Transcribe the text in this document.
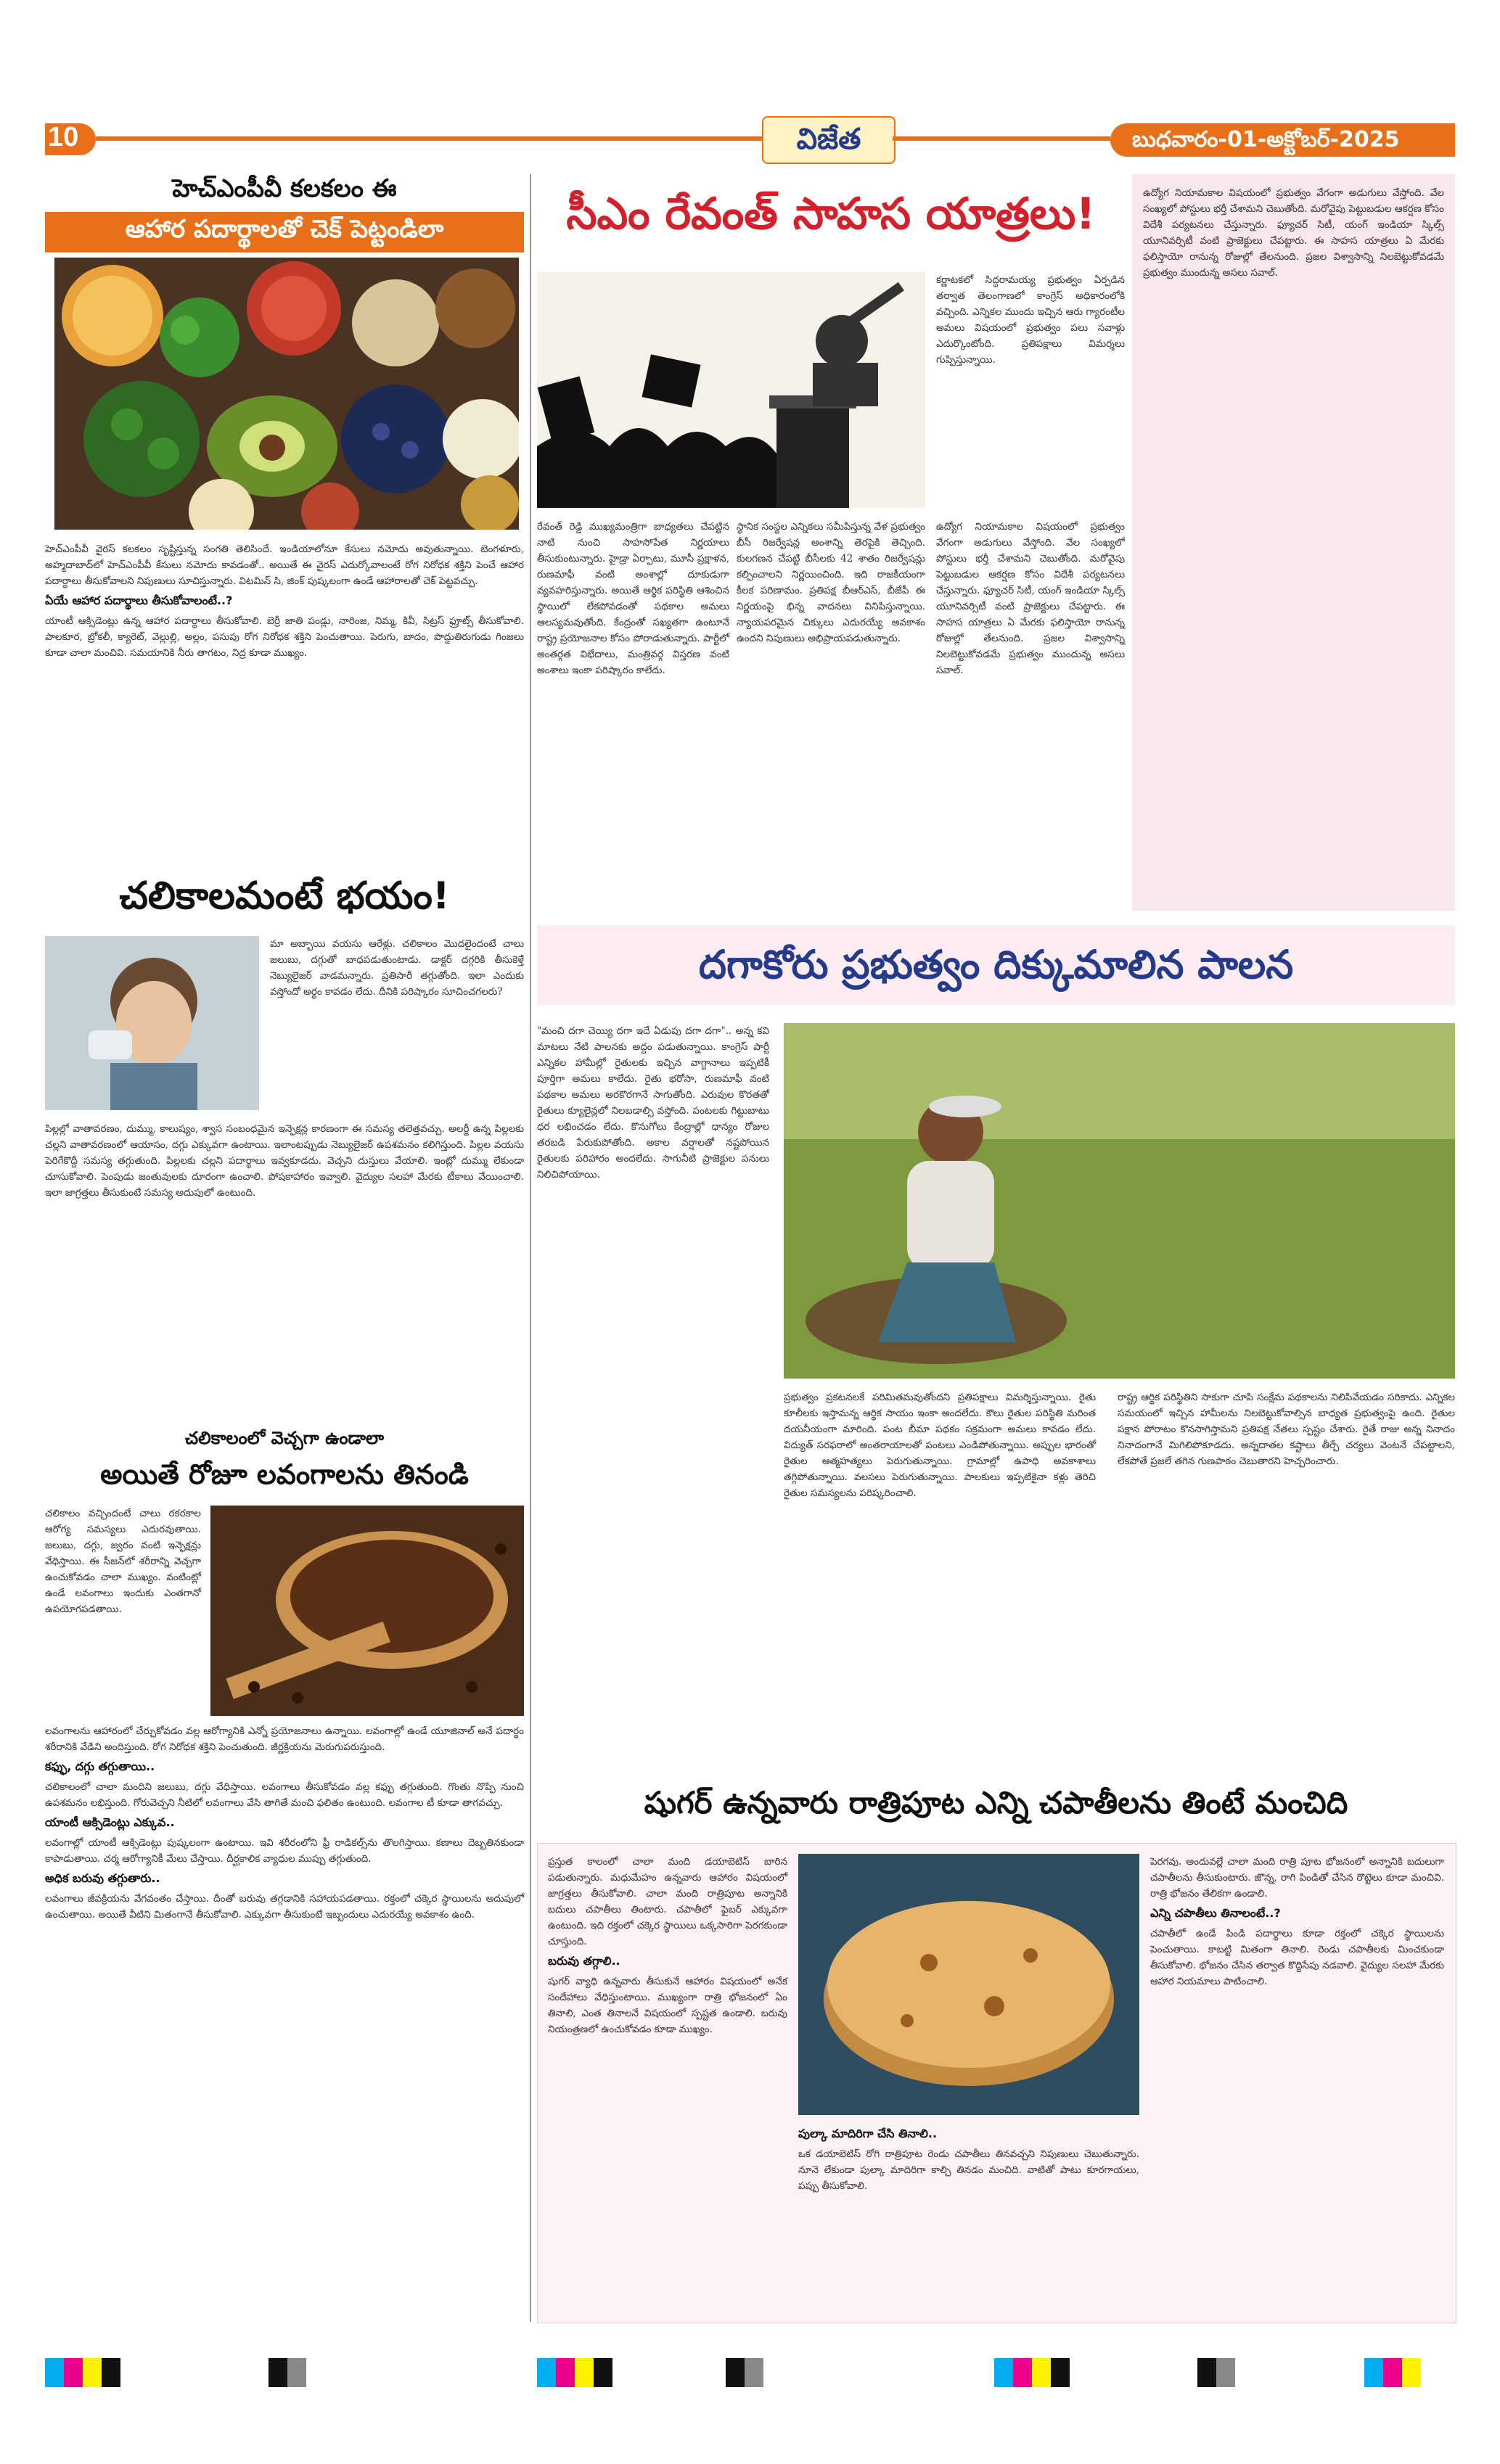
10	విజేత	బుధవారం-01-అక్టోబర్-2025
హెచ్ఎంపీవీ కలకలం ఈ
ఆహార పదార్థాలతో చెక్ పెట్టండిలా

హెచ్ఎంపీవీ వైరస్ కలకలం సృష్టిస్తున్న సంగతి తెలిసిందే. ఇండియాలోనూ కేసులు నమోదు అవుతున్నాయి. బెంగళూరు, అహ్మదాబాద్‌లో హెచ్ఎంపీవీ కేసులు నమోదు కావడంతో.. అయితే ఈ వైరస్ ఎదుర్కోవాలంటే రోగ నిరోధక శక్తిని పెంచే ఆహార పదార్థాలు తీసుకోవాలని నిపుణులు సూచిస్తున్నారు. విటమిన్ సి, జింక్ పుష్కలంగా ఉండే ఆహారాలతో చెక్ పెట్టవచ్చు.

ఏయే ఆహార పదార్థాలు తీసుకోవాలంటే..?

యాంటీ ఆక్సిడెంట్లు ఉన్న ఆహార పదార్థాలు తీసుకోవాలి. బెర్రీ జాతి పండ్లు, నారింజ, నిమ్మ, కివీ, సిట్రస్ ఫ్రూట్స్ తీసుకోవాలి. పాలకూర, బ్రోకలీ, క్యారెట్, వెల్లుల్లి, అల్లం, పసుపు రోగ నిరోధక శక్తిని పెంచుతాయి. పెరుగు, బాదం, పొద్దుతిరుగుడు గింజలు కూడా చాలా మంచివి. సమయానికి నీరు తాగటం, నిద్ర కూడా ముఖ్యం.

చలికాలమంటే భయం!

మా అబ్బాయి వయసు ఆరేళ్లు. చలికాలం మొదలైందంటే చాలు జలుబు, దగ్గుతో బాధపడుతుంటాడు. డాక్టర్ దగ్గరికి తీసుకెళ్తే నెబ్యులైజర్ వాడమన్నారు. ప్రతిసారీ తగ్గుతోంది. ఇలా ఎందుకు వస్తోందో అర్థం కావడం లేదు. దీనికి పరిష్కారం సూచించగలరు?

పిల్లల్లో వాతావరణం, దుమ్ము, కాలుష్యం, శ్వాస సంబంధమైన ఇన్ఫెక్షన్ల కారణంగా ఈ సమస్య తలెత్తవచ్చు. అలర్జీ ఉన్న పిల్లలకు చల్లని వాతావరణంలో ఆయాసం, దగ్గు ఎక్కువగా ఉంటాయి. ఇలాంటప్పుడు నెబ్యులైజర్ ఉపశమనం కలిగిస్తుంది. పిల్లల వయసు పెరిగేకొద్దీ సమస్య తగ్గుతుంది. పిల్లలకు చల్లని పదార్థాలు ఇవ్వకూడదు. వెచ్చని దుస్తులు వేయాలి. ఇంట్లో దుమ్ము లేకుండా చూసుకోవాలి. పెంపుడు జంతువులకు దూరంగా ఉంచాలి. పోషకాహారం ఇవ్వాలి. వైద్యుల సలహా మేరకు టీకాలు వేయించాలి. ఇలా జాగ్రత్తలు తీసుకుంటే సమస్య అదుపులో ఉంటుంది.

చలికాలంలో వెచ్చగా ఉండాలా
అయితే రోజూ లవంగాలను తినండి

చలికాలం వచ్చిందంటే చాలు రకరకాల ఆరోగ్య సమస్యలు ఎదురవుతాయి. జలుబు, దగ్గు, జ్వరం వంటి ఇన్ఫెక్షన్లు వేధిస్తాయి. ఈ సీజన్‌లో శరీరాన్ని వెచ్చగా ఉంచుకోవడం చాలా ముఖ్యం. వంటింట్లో ఉండే లవంగాలు ఇందుకు ఎంతగానో ఉపయోగపడతాయి.

లవంగాలను ఆహారంలో చేర్చుకోవడం వల్ల ఆరోగ్యానికి ఎన్నో ప్రయోజనాలు ఉన్నాయి. లవంగాల్లో ఉండే యూజినాల్ అనే పదార్థం శరీరానికి వేడిని అందిస్తుంది. రోగ నిరోధక శక్తిని పెంచుతుంది. జీర్ణక్రియను మెరుగుపరుస్తుంది.

కఫ్ఫు, దగ్గు తగ్గుతాయి..

చలికాలంలో చాలా మందిని జలుబు, దగ్గు వేధిస్తాయి. లవంగాలు తీసుకోవడం వల్ల కఫ్ఫు తగ్గుతుంది. గొంతు నొప్పి నుంచి ఉపశమనం లభిస్తుంది. గోరువెచ్చని నీటిలో లవంగాలు వేసి తాగితే మంచి ఫలితం ఉంటుంది. లవంగాల టీ కూడా తాగవచ్చు.

యాంటీ ఆక్సిడెంట్లు ఎక్కువ..

లవంగాల్లో యాంటీ ఆక్సిడెంట్లు పుష్కలంగా ఉంటాయి. ఇవి శరీరంలోని ఫ్రీ రాడికల్స్‌ను తొలగిస్తాయి. కణాలు దెబ్బతినకుండా కాపాడుతాయి. చర్మ ఆరోగ్యానికీ మేలు చేస్తాయి. దీర్ఘకాలిక వ్యాధుల ముప్పు తగ్గుతుంది.

అధిక బరువు తగ్గుతారు..

లవంగాలు జీవక్రియను వేగవంతం చేస్తాయి. దీంతో బరువు తగ్గడానికి సహాయపడతాయి. రక్తంలో చక్కెర స్థాయిలను అదుపులో ఉంచుతాయి. అయితే వీటిని మితంగానే తీసుకోవాలి. ఎక్కువగా తీసుకుంటే ఇబ్బందులు ఎదురయ్యే అవకాశం ఉంది.

సీఎం రేవంత్ సాహస యాత్రలు!

కర్ణాటకలో సిద్ధరామయ్య ప్రభుత్వం ఏర్పడిన తర్వాత తెలంగాణలో కాంగ్రెస్ అధికారంలోకి వచ్చింది. ఎన్నికల ముందు ఇచ్చిన ఆరు గ్యారంటీల అమలు విషయంలో ప్రభుత్వం పలు సవాళ్లు ఎదుర్కొంటోంది. ప్రతిపక్షాలు విమర్శలు గుప్పిస్తున్నాయి.

రేవంత్ రెడ్డి ముఖ్యమంత్రిగా బాధ్యతలు చేపట్టిన నాటి నుంచి సాహసోపేత నిర్ణయాలు తీసుకుంటున్నారు. హైడ్రా ఏర్పాటు, మూసీ ప్రక్షాళన, రుణమాఫీ వంటి అంశాల్లో దూకుడుగా వ్యవహరిస్తున్నారు. అయితే ఆర్థిక పరిస్థితి ఆశించిన స్థాయిలో లేకపోవడంతో పథకాల అమలు ఆలస్యమవుతోంది. కేంద్రంతో సఖ్యతగా ఉంటూనే రాష్ట్ర ప్రయోజనాల కోసం పోరాడుతున్నారు. పార్టీలో అంతర్గత విభేదాలు, మంత్రివర్గ విస్తరణ వంటి అంశాలు ఇంకా పరిష్కారం కాలేదు.

స్థానిక సంస్థల ఎన్నికలు సమీపిస్తున్న వేళ ప్రభుత్వం బీసీ రిజర్వేషన్ల అంశాన్ని తెరపైకి తెచ్చింది. కులగణన చేపట్టి బీసీలకు 42 శాతం రిజర్వేషన్లు కల్పించాలని నిర్ణయించింది. ఇది రాజకీయంగా కీలక పరిణామం. ప్రతిపక్ష బీఆర్ఎస్, బీజేపీ ఈ నిర్ణయంపై భిన్న వాదనలు వినిపిస్తున్నాయి. న్యాయపరమైన చిక్కులు ఎదురయ్యే అవకాశం ఉందని నిపుణులు అభిప్రాయపడుతున్నారు.

ఉద్యోగ నియామకాల విషయంలో ప్రభుత్వం వేగంగా అడుగులు వేస్తోంది. వేల సంఖ్యలో పోస్టులు భర్తీ చేశామని చెబుతోంది. మరోవైపు పెట్టుబడుల ఆకర్షణ కోసం విదేశీ పర్యటనలు చేస్తున్నారు. ఫ్యూచర్ సిటీ, యంగ్ ఇండియా స్కిల్స్ యూనివర్సిటీ వంటి ప్రాజెక్టులు చేపట్టారు. ఈ సాహస యాత్రలు ఏ మేరకు ఫలిస్తాయో రానున్న రోజుల్లో తేలనుంది. ప్రజల విశ్వాసాన్ని నిలబెట్టుకోవడమే ప్రభుత్వం ముందున్న అసలు సవాల్.

ఉద్యోగ నియామకాల విషయంలో ప్రభుత్వం వేగంగా అడుగులు వేస్తోంది. వేల సంఖ్యలో పోస్టులు భర్తీ చేశామని చెబుతోంది. మరోవైపు పెట్టుబడుల ఆకర్షణ కోసం విదేశీ పర్యటనలు చేస్తున్నారు. ఫ్యూచర్ సిటీ, యంగ్ ఇండియా స్కిల్స్ యూనివర్సిటీ వంటి ప్రాజెక్టులు చేపట్టారు. ఈ సాహస యాత్రలు ఏ మేరకు ఫలిస్తాయో రానున్న రోజుల్లో తేలనుంది. ప్రజల విశ్వాసాన్ని నిలబెట్టుకోవడమే ప్రభుత్వం ముందున్న అసలు సవాల్.

దగాకోరు ప్రభుత్వం దిక్కుమాలిన పాలన

"మంచి దగా చెయ్యి దగా ఇదే ఏడుపు దగా దగా".. అన్న కవి మాటలు నేటి పాలనకు అద్దం పడుతున్నాయి. కాంగ్రెస్ పార్టీ ఎన్నికల హామీల్లో రైతులకు ఇచ్చిన వాగ్దానాలు ఇప్పటికీ పూర్తిగా అమలు కాలేదు. రైతు భరోసా, రుణమాఫీ వంటి పథకాల అమలు అరకొరగానే సాగుతోంది. ఎరువుల కొరతతో రైతులు క్యూలైన్లలో నిలబడాల్సి వస్తోంది. పంటలకు గిట్టుబాటు ధర లభించడం లేదు. కొనుగోలు కేంద్రాల్లో ధాన్యం రోజుల తరబడి పేరుకుపోతోంది. అకాల వర్షాలతో నష్టపోయిన రైతులకు పరిహారం అందలేదు. సాగునీటి ప్రాజెక్టుల పనులు నిలిచిపోయాయి.

ప్రభుత్వం ప్రకటనలకే పరిమితమవుతోందని ప్రతిపక్షాలు విమర్శిస్తున్నాయి. రైతు కూలీలకు ఇస్తామన్న ఆర్థిక సాయం ఇంకా అందలేదు. కౌలు రైతుల పరిస్థితి మరింత దయనీయంగా మారింది. పంట బీమా పథకం సక్రమంగా అమలు కావడం లేదు. విద్యుత్ సరఫరాలో అంతరాయాలతో పంటలు ఎండిపోతున్నాయి. అప్పుల భారంతో రైతుల ఆత్మహత్యలు పెరుగుతున్నాయి. గ్రామాల్లో ఉపాధి అవకాశాలు తగ్గిపోతున్నాయి. వలసలు పెరుగుతున్నాయి. పాలకులు ఇప్పటికైనా కళ్లు తెరిచి రైతుల సమస్యలను పరిష్కరించాలి.

రాష్ట్ర ఆర్థిక పరిస్థితిని సాకుగా చూపి సంక్షేమ పథకాలను నిలిపివేయడం సరికాదు. ఎన్నికల సమయంలో ఇచ్చిన హామీలను నిలబెట్టుకోవాల్సిన బాధ్యత ప్రభుత్వంపై ఉంది. రైతుల పక్షాన పోరాటం కొనసాగిస్తామని ప్రతిపక్ష నేతలు స్పష్టం చేశారు. రైతే రాజు అన్న నినాదం నినాదంగానే మిగిలిపోకూడదు. అన్నదాతల కష్టాలు తీర్చే చర్యలు వెంటనే చేపట్టాలని, లేకపోతే ప్రజలే తగిన గుణపాఠం చెబుతారని హెచ్చరించారు.

షుగర్ ఉన్నవారు రాత్రిపూట ఎన్ని చపాతీలను తింటే మంచిది

ప్రస్తుత కాలంలో చాలా మంది డయాబెటిస్ బారిన పడుతున్నారు. మధుమేహం ఉన్నవారు ఆహారం విషయంలో జాగ్రత్తలు తీసుకోవాలి. చాలా మంది రాత్రిపూట అన్నానికి బదులు చపాతీలు తింటారు. చపాతీలో ఫైబర్ ఎక్కువగా ఉంటుంది. ఇది రక్తంలో చక్కెర స్థాయిలు ఒక్కసారిగా పెరగకుండా చూస్తుంది.

బరువు తగ్గాలి..

షుగర్ వ్యాధి ఉన్నవారు తీసుకునే ఆహారం విషయంలో అనేక సందేహాలు వేధిస్తుంటాయి. ముఖ్యంగా రాత్రి భోజనంలో ఏం తినాలి, ఎంత తినాలనే విషయంలో స్పష్టత ఉండాలి. బరువు నియంత్రణలో ఉంచుకోవడం కూడా ముఖ్యం.

పుల్కా మాదిరిగా చేసి తినాలి..

ఒక డయాబెటిస్ రోగి రాత్రిపూట రెండు చపాతీలు తినవచ్చని నిపుణులు చెబుతున్నారు. నూనె లేకుండా పుల్కా మాదిరిగా కాల్చి తినడం మంచిది. వాటితో పాటు కూరగాయలు, పప్పు తీసుకోవాలి.

పెరగవు. అందువల్లే చాలా మంది రాత్రి పూట భోజనంలో అన్నానికి బదులుగా చపాతీలను తీసుకుంటారు. జొన్న, రాగి పిండితో చేసిన రొట్టెలు కూడా మంచివి. రాత్రి భోజనం తేలికగా ఉండాలి.

ఎన్ని చపాతీలు తినాలంటే..?

చపాతీలో ఉండే పిండి పదార్థాలు కూడా రక్తంలో చక్కెర స్థాయిలను పెంచుతాయి. కాబట్టి మితంగా తినాలి. రెండు చపాతీలకు మించకుండా తీసుకోవాలి. భోజనం చేసిన తర్వాత కొద్దిసేపు నడవాలి. వైద్యుల సలహా మేరకు ఆహార నియమాలు పాటించాలి.
